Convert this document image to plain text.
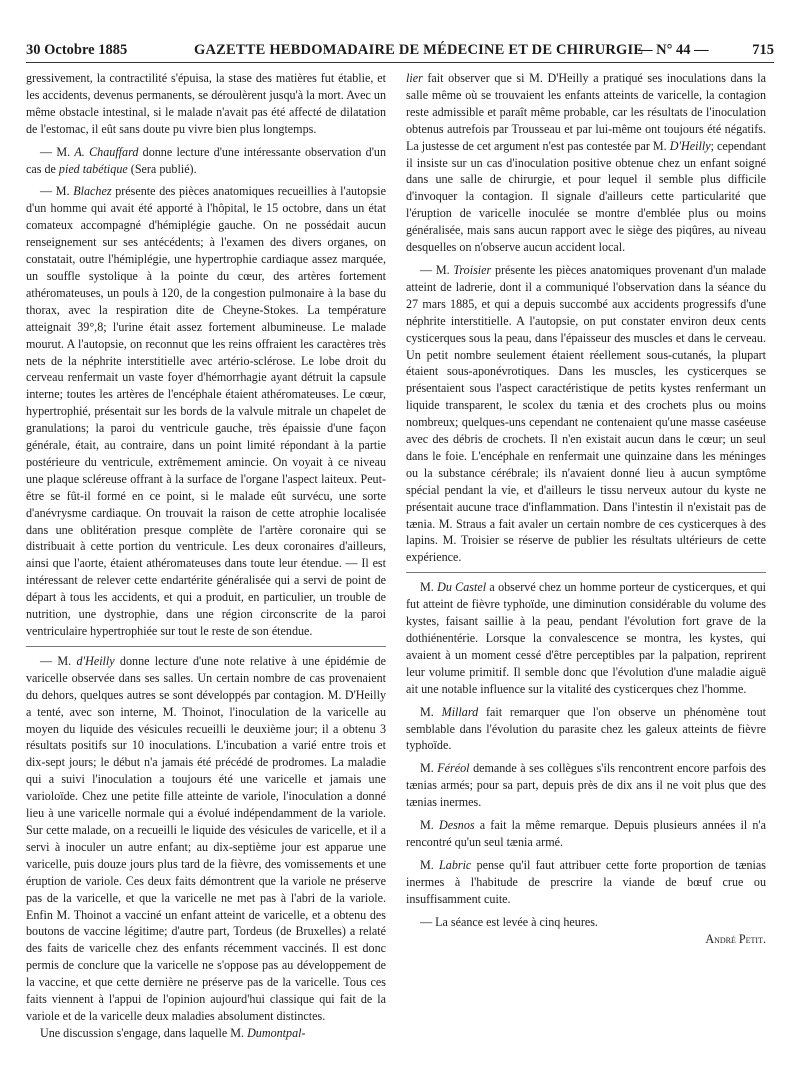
30 Octobre 1885	GAZETTE HEBDOMADAIRE DE MÉDECINE ET DE CHIRURGIE
— N° 44 —	715

gressivement, la contractilité s'épuisa, la stase des matières fut établie, et les accidents, devenus permanents, se déroulèrent jusqu'à la mort. Avec un même obstacle intestinal, si le malade n'avait pas été affecté de dilatation de l'estomac, il eût sans doute pu vivre bien plus longtemps.

— M. A. Chauffard donne lecture d'une intéressante observation d'un cas de pied tabétique (Sera publié).

— M. Blachez présente des pièces anatomiques recueillies à l'autopsie d'un homme qui avait été apporté à l'hôpital, le 15 octobre, dans un état comateux accompagné d'hémiplégie gauche. On ne possédait aucun renseignement sur ses antécédents; à l'examen des divers organes, on constatait, outre l'hémiplégie, une hypertrophie cardiaque assez marquée, un souffle systolique à la pointe du cœur, des artères fortement athéromateuses, un pouls à 120, de la congestion pulmonaire à la base du thorax, avec la respiration dite de Cheyne-Stokes. La température atteignait 39°,8; l'urine était assez fortement albumineuse. Le malade mourut. A l'autopsie, on reconnut que les reins offraient les caractères très nets de la néphrite interstitielle avec artério-sclérose. Le lobe droit du cerveau renfermait un vaste foyer d'hémorrhagie ayant détruit la capsule interne; toutes les artères de l'encéphale étaient athéromateuses. Le cœur, hypertrophié, présentait sur les bords de la valvule mitrale un chapelet de granulations; la paroi du ventricule gauche, très épaissie d'une façon générale, était, au contraire, dans un point limité répondant à la partie postérieure du ventricule, extrêmement amincie. On voyait à ce niveau une plaque scléreuse offrant à la surface de l'organe l'aspect laiteux. Peut-être se fût-il formé en ce point, si le malade eût survécu, une sorte d'anévrysme cardiaque. On trouvait la raison de cette atrophie localisée dans une oblitération presque complète de l'artère coronaire qui se distribuait à cette portion du ventricule. Les deux coronaires d'ailleurs, ainsi que l'aorte, étaient athéromateuses dans toute leur étendue. — Il est intéressant de relever cette endartérite généralisée qui a servi de point de départ à tous les accidents, et qui a produit, en particulier, un trouble de nutrition, une dystrophie, dans une région circonscrite de la paroi ventriculaire hypertrophiée sur tout le reste de son étendue.

— M. d'Heilly donne lecture d'une note relative à une épidémie de varicelle observée dans ses salles. Un certain nombre de cas provenaient du dehors, quelques autres se sont développés par contagion. M. D'Heilly a tenté, avec son interne, M. Thoinot, l'inoculation de la varicelle au moyen du liquide des vésicules recueilli le deuxième jour; il a obtenu 3 résultats positifs sur 10 inoculations. L'incubation a varié entre trois et dix-sept jours; le début n'a jamais été précédé de prodromes. La maladie qui a suivi l'inoculation a toujours été une varicelle et jamais une varioloïde. Chez une petite fille atteinte de variole, l'inoculation a donné lieu à une varicelle normale qui a évolué indépendamment de la variole. Sur cette malade, on a recueilli le liquide des vésicules de varicelle, et il a servi à inoculer un autre enfant; au dix-septième jour est apparue une varicelle, puis douze jours plus tard de la fièvre, des vomissements et une éruption de variole. Ces deux faits démontrent que la variole ne préserve pas de la varicelle, et que la varicelle ne met pas à l'abri de la variole. Enfin M. Thoinot a vacciné un enfant atteint de varicelle, et a obtenu des boutons de vaccine légitime; d'autre part, Tordeus (de Bruxelles) a relaté des faits de varicelle chez des enfants récemment vaccinés. Il est donc permis de conclure que la varicelle ne s'oppose pas au développement de la vaccine, et que cette dernière ne préserve pas de la varicelle. Tous ces faits viennent à l'appui de l'opinion aujourd'hui classique qui fait de la variole et de la varicelle deux maladies absolument distinctes.

Une discussion s'engage, dans laquelle M. Dumontpal-

lier fait observer que si M. D'Heilly a pratiqué ses inoculations dans la salle même où se trouvaient les enfants atteints de varicelle, la contagion reste admissible et paraît même probable, car les résultats de l'inoculation obtenus autrefois par Trousseau et par lui-même ont toujours été négatifs. La justesse de cet argument n'est pas contestée par M. D'Heilly; cependant il insiste sur un cas d'inoculation positive obtenue chez un enfant soigné dans une salle de chirurgie, et pour lequel il semble plus difficile d'invoquer la contagion. Il signale d'ailleurs cette particularité que l'éruption de varicelle inoculée se montre d'emblée plus ou moins généralisée, mais sans aucun rapport avec le siège des piqûres, au niveau desquelles on n'observe aucun accident local.

— M. Troisier présente les pièces anatomiques provenant d'un malade atteint de ladrerie, dont il a communiqué l'observation dans la séance du 27 mars 1885, et qui a depuis succombé aux accidents progressifs d'une néphrite interstitielle. A l'autopsie, on put constater environ deux cents cysticerques sous la peau, dans l'épaisseur des muscles et dans le cerveau. Un petit nombre seulement étaient réellement sous-cutanés, la plupart étaient sous-aponévrotiques. Dans les muscles, les cysticerques se présentaient sous l'aspect caractéristique de petits kystes renfermant un liquide transparent, le scolex du tænia et des crochets plus ou moins nombreux; quelques-uns cependant ne contenaient qu'une masse caséeuse avec des débris de crochets. Il n'en existait aucun dans le cœur; un seul dans le foie. L'encéphale en renfermait une quinzaine dans les méninges ou la substance cérébrale; ils n'avaient donné lieu à aucun symptôme spécial pendant la vie, et d'ailleurs le tissu nerveux autour du kyste ne présentait aucune trace d'inflammation. Dans l'intestin il n'existait pas de tænia. M. Straus a fait avaler un certain nombre de ces cysticerques à des lapins. M. Troisier se réserve de publier les résultats ultérieurs de cette expérience.

M. Du Castel a observé chez un homme porteur de cysticerques, et qui fut atteint de fièvre typhoïde, une diminution considérable du volume des kystes, faisant saillie à la peau, pendant l'évolution fort grave de la dothiénentérie. Lorsque la convalescence se montra, les kystes, qui avaient à un moment cessé d'être perceptibles par la palpation, reprirent leur volume primitif. Il semble donc que l'évolution d'une maladie aiguë ait une notable influence sur la vitalité des cysticerques chez l'homme.

M. Millard fait remarquer que l'on observe un phénomène tout semblable dans l'évolution du parasite chez les galeux atteints de fièvre typhoïde.

M. Féréol demande à ses collègues s'ils rencontrent encore parfois des tænias armés; pour sa part, depuis près de dix ans il ne voit plus que des tænias inermes.

M. Desnos a fait la même remarque. Depuis plusieurs années il n'a rencontré qu'un seul tænia armé.

M. Labric pense qu'il faut attribuer cette forte proportion de tænias inermes à l'habitude de prescrire la viande de bœuf crue ou insuffisamment cuite.

— La séance est levée à cinq heures.

André Petit.
